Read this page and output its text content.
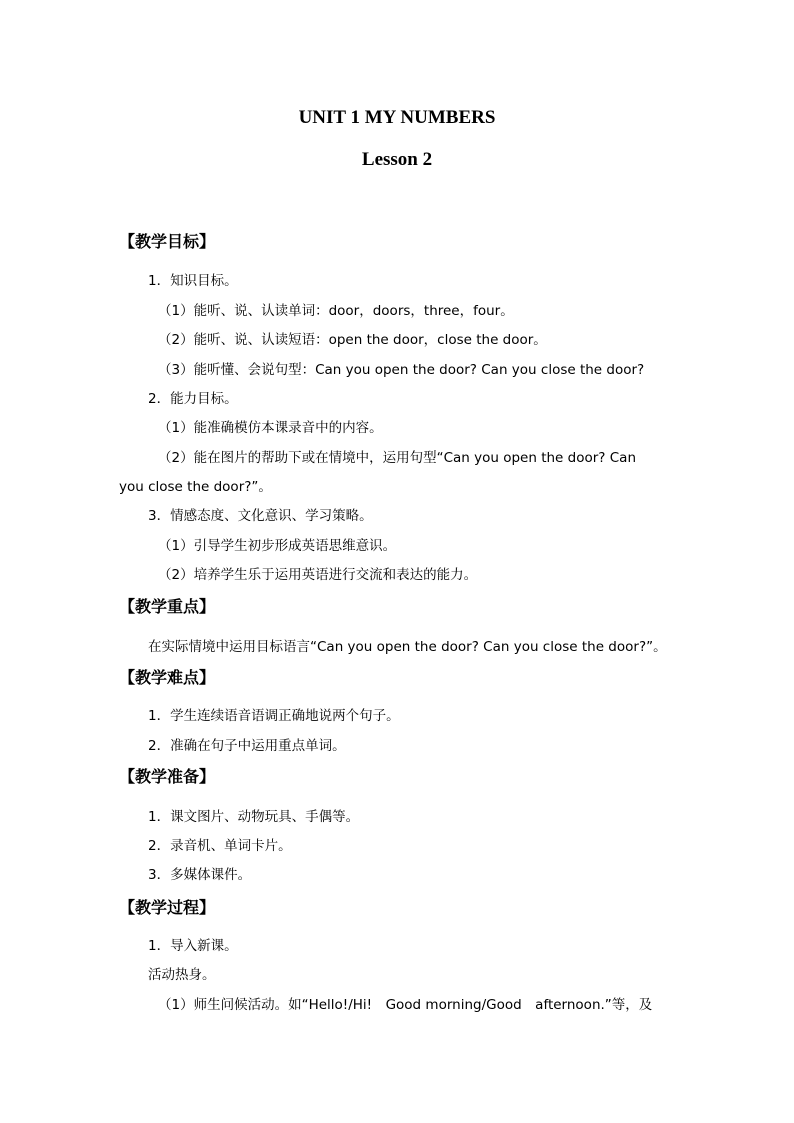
UNIT 1 MY NUMBERS
Lesson 2

【教学目标】

1．知识目标。

（1）能听、说、认读单词：door，doors，three，four。

（2）能听、说、认读短语：open the door，close the door。

（3）能听懂、会说句型：Can you open the door? Can you close the door?

2．能力目标。

（1）能准确模仿本课录音中的内容。

（2）能在图片的帮助下或在情境中，运用句型“Can you open the door? Can

you close the door?”。

3．情感态度、文化意识、学习策略。

（1）引导学生初步形成英语思维意识。

（2）培养学生乐于运用英语进行交流和表达的能力。

【教学重点】

在实际情境中运用目标语言“Can you open the door? Can you close the door?”。

【教学难点】

1．学生连续语音语调正确地说两个句子。

2．准确在句子中运用重点单词。

【教学准备】

1．课文图片、动物玩具、手偶等。

2．录音机、单词卡片。

3．多媒体课件。

【教学过程】

1．导入新课。

活动热身。

（1）师生问候活动。如“Hello!/Hi!　Good morning/Good　afternoon.”等，及
